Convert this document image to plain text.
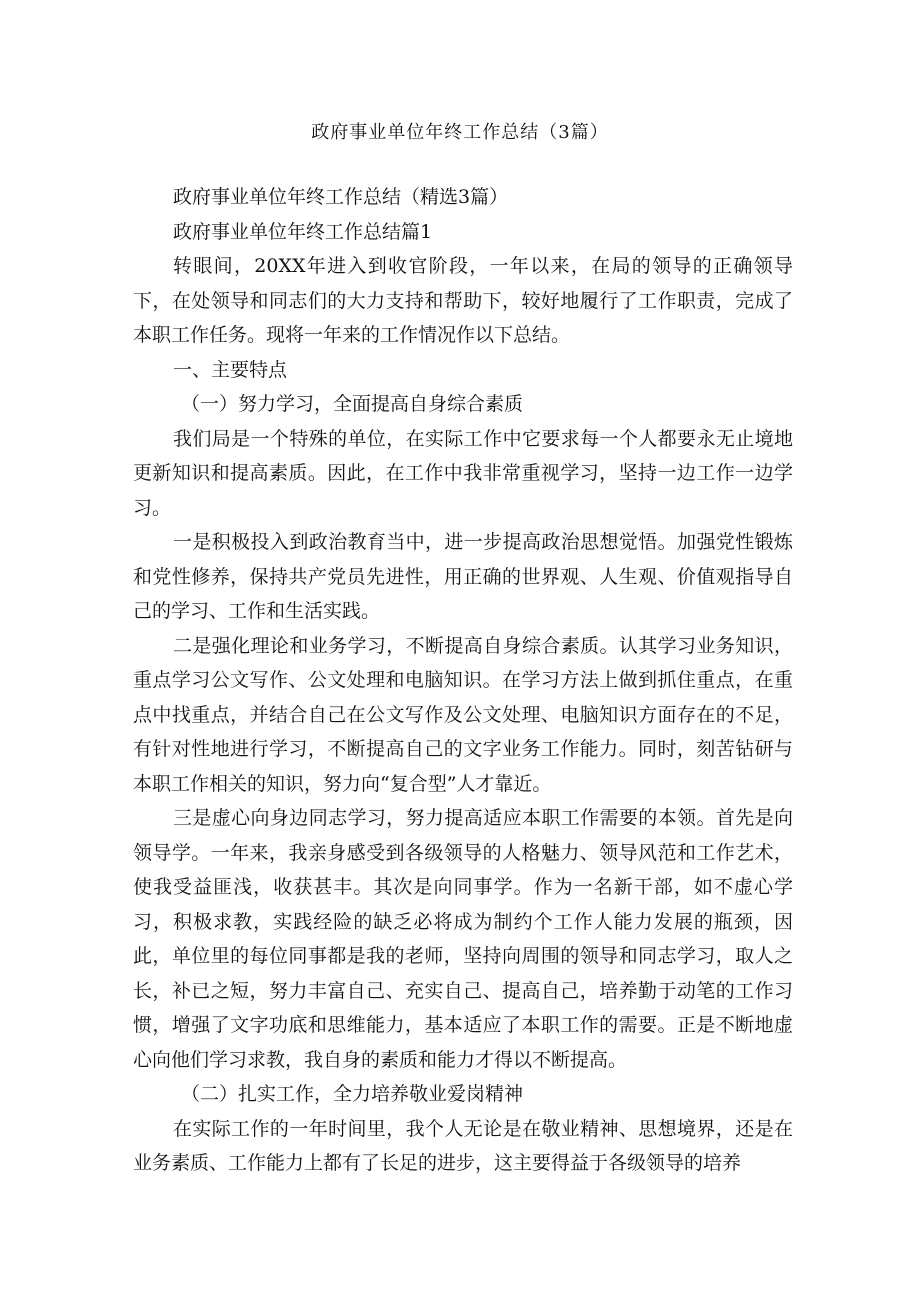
政府事业单位年终工作总结（3篇）

政府事业单位年终工作总结（精选3篇）

政府事业单位年终工作总结篇1

转眼间，20XX年进入到收官阶段，一年以来，在局的领导的正确领导下，在处领导和同志们的大力支持和帮助下，较好地履行了工作职责，完成了本职工作任务。现将一年来的工作情况作以下总结。

一、主要特点

（一）努力学习，全面提高自身综合素质

我们局是一个特殊的单位，在实际工作中它要求每一个人都要永无止境地更新知识和提高素质。因此，在工作中我非常重视学习，坚持一边工作一边学习。

一是积极投入到政治教育当中，进一步提高政治思想觉悟。加强党性锻炼和党性修养，保持共产党员先进性，用正确的世界观、人生观、价值观指导自己的学习、工作和生活实践。

二是强化理论和业务学习，不断提高自身综合素质。认其学习业务知识，重点学习公文写作、公文处理和电脑知识。在学习方法上做到抓住重点，在重点中找重点，并结合自己在公文写作及公文处理、电脑知识方面存在的不足，有针对性地进行学习，不断提高自己的文字业务工作能力。同时，刻苦钻研与本职工作相关的知识，努力向“复合型”人才靠近。

三是虚心向身边同志学习，努力提高适应本职工作需要的本领。首先是向领导学。一年来，我亲身感受到各级领导的人格魅力、领导风范和工作艺术，使我受益匪浅，收获甚丰。其次是向同事学。作为一名新干部，如不虚心学习，积极求教，实践经险的缺乏必将成为制约个工作人能力发展的瓶颈，因此，单位里的每位同事都是我的老师，坚持向周围的领导和同志学习，取人之长，补已之短，努力丰富自己、充实自己、提高自己，培养勤于动笔的工作习惯，增强了文字功底和思维能力，基本适应了本职工作的需要。正是不断地虚心向他们学习求教，我自身的素质和能力才得以不断提高。

（二）扎实工作，全力培养敬业爱岗精神

在实际工作的一年时间里，我个人无论是在敬业精神、思想境界，还是在业务素质、工作能力上都有了长足的进步，这主要得益于各级领导的培养
